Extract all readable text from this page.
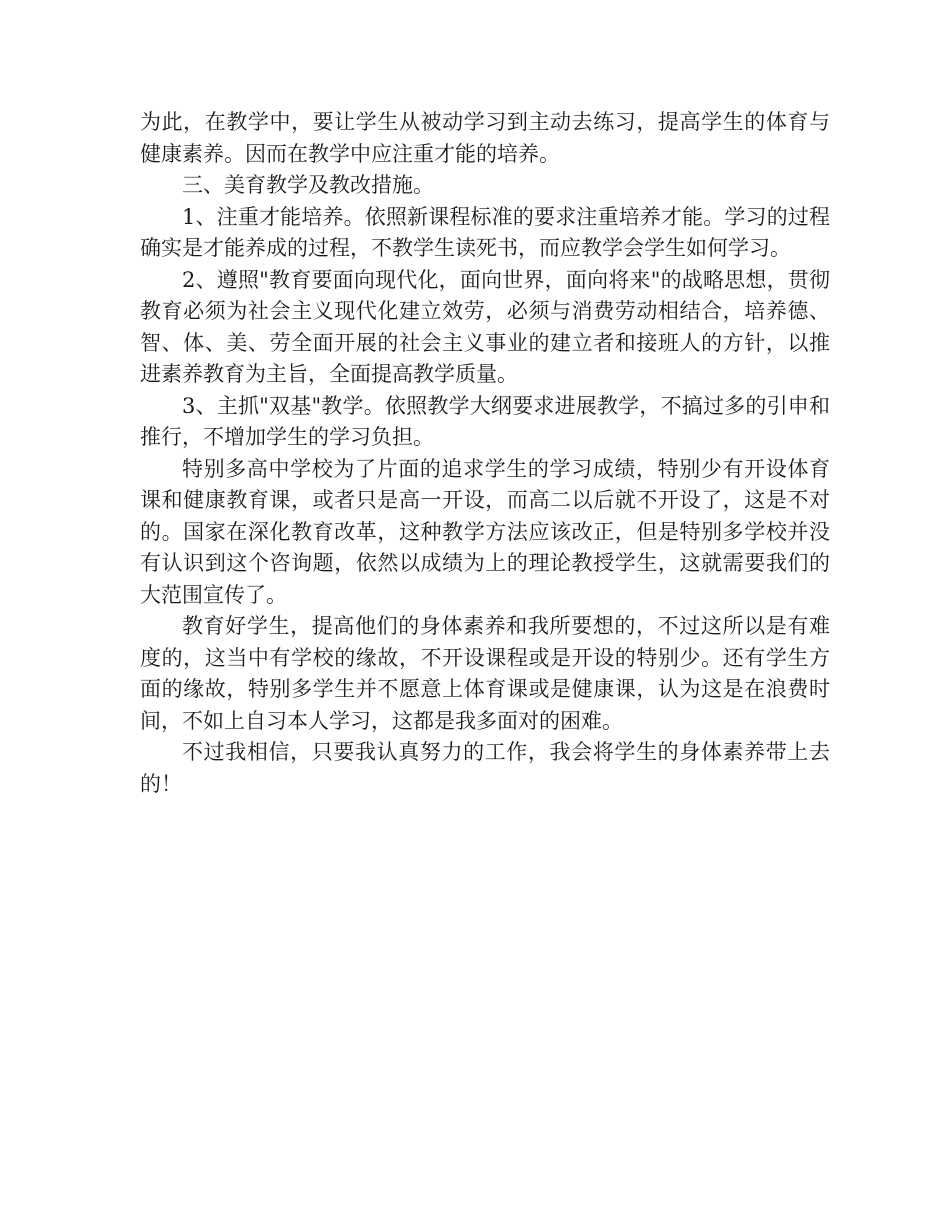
为此，在教学中，要让学生从被动学习到主动去练习，提高学生的体育与健康素养。因而在教学中应注重才能的培养。

三、美育教学及教改措施。

1、注重才能培养。依照新课程标准的要求注重培养才能。学习的过程确实是才能养成的过程，不教学生读死书，而应教学会学生如何学习。

2、遵照"教育要面向现代化，面向世界，面向将来"的战略思想，贯彻教育必须为社会主义现代化建立效劳，必须与消费劳动相结合，培养德、智、体、美、劳全面开展的社会主义事业的建立者和接班人的方针，以推进素养教育为主旨，全面提高教学质量。

3、主抓"双基"教学。依照教学大纲要求进展教学，不搞过多的引申和推行，不增加学生的学习负担。

特别多高中学校为了片面的追求学生的学习成绩，特别少有开设体育课和健康教育课，或者只是高一开设，而高二以后就不开设了，这是不对的。国家在深化教育改革，这种教学方法应该改正，但是特别多学校并没有认识到这个咨询题，依然以成绩为上的理论教授学生，这就需要我们的大范围宣传了。

教育好学生，提高他们的身体素养和我所要想的，不过这所以是有难度的，这当中有学校的缘故，不开设课程或是开设的特别少。还有学生方面的缘故，特别多学生并不愿意上体育课或是健康课，认为这是在浪费时间，不如上自习本人学习，这都是我多面对的困难。

不过我相信，只要我认真努力的工作，我会将学生的身体素养带上去的！
